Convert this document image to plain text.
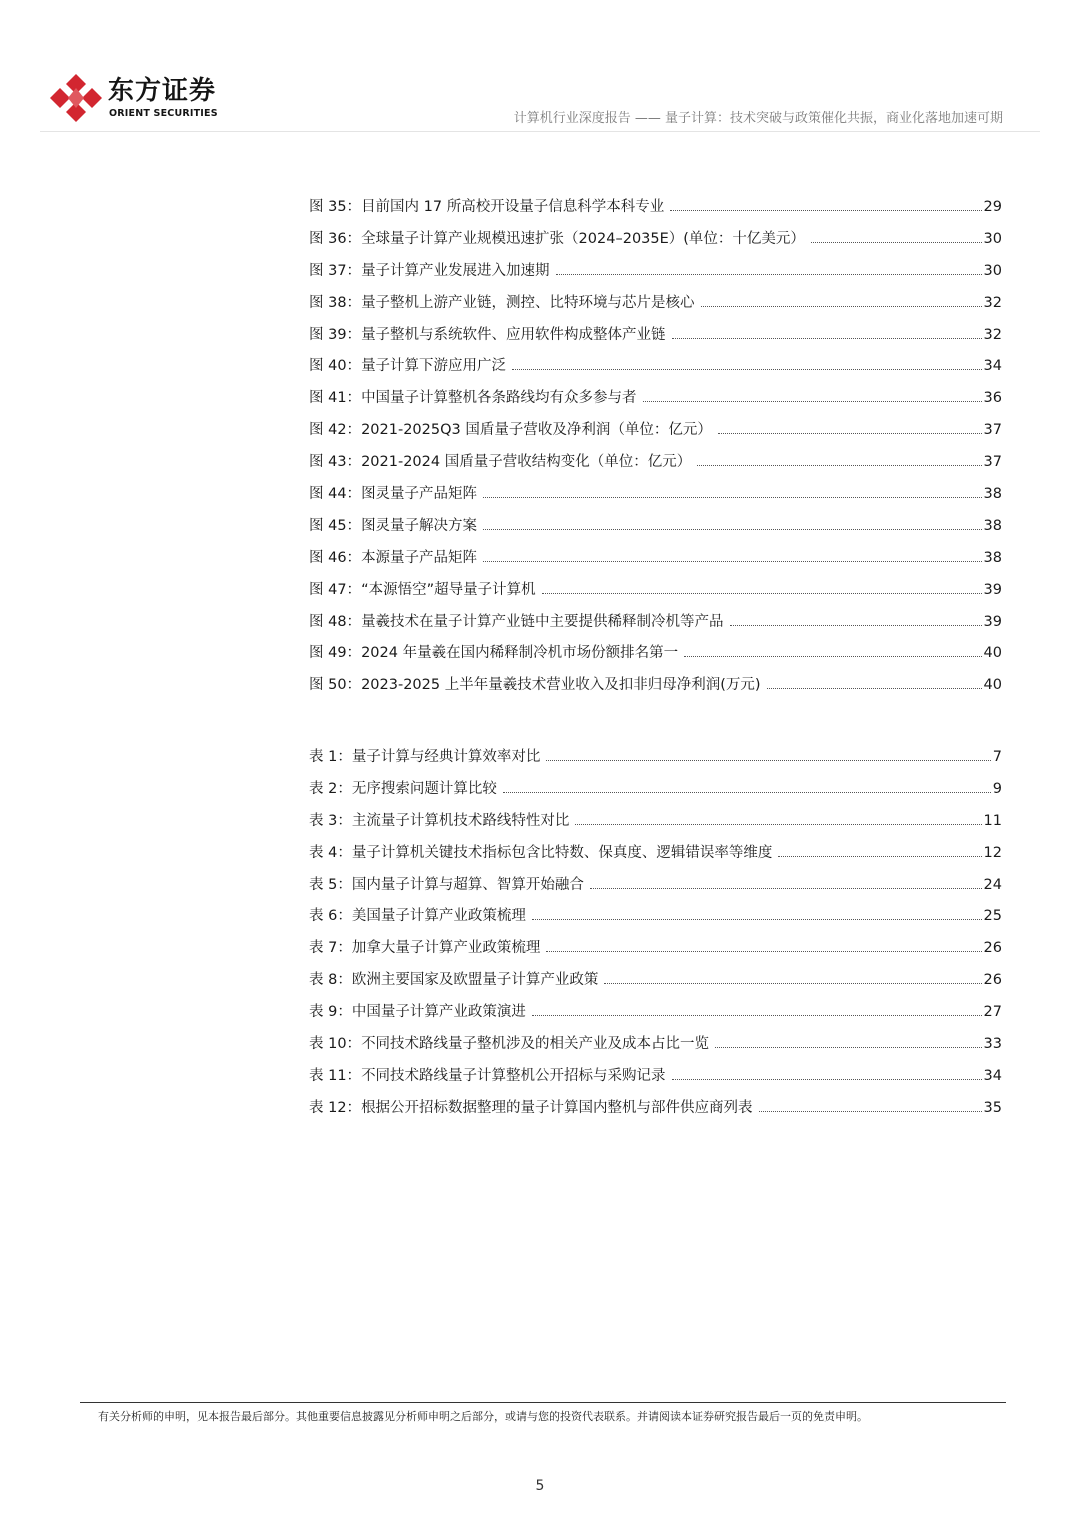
东方证券
ORIENT SECURITIES	计算机行业深度报告 —— 量子计算：技术突破与政策催化共振，商业化落地加速可期
图 35： 目前国内 17 所高校开设量子信息科学本科专业	29
图 36： 全球量子计算产业规模迅速扩张（2024–2035E）(单位：十亿美元）	30
图 37： 量子计算产业发展进入加速期	30
图 38： 量子整机上游产业链，测控、比特环境与芯片是核心	32
图 39： 量子整机与系统软件、应用软件构成整体产业链	32
图 40： 量子计算下游应用广泛	34
图 41： 中国量子计算整机各条路线均有众多参与者	36
图 42： 2021-2025Q3 国盾量子营收及净利润（单位：亿元）	37
图 43： 2021-2024 国盾量子营收结构变化（单位：亿元）	37
图 44： 图灵量子产品矩阵	38
图 45： 图灵量子解决方案	38
图 46： 本源量子产品矩阵	38
图 47： “本源悟空”超导量子计算机	39
图 48： 量羲技术在量子计算产业链中主要提供稀释制冷机等产品	39
图 49： 2024 年量羲在国内稀释制冷机市场份额排名第一	40
图 50： 2023-2025 上半年量羲技术营业收入及扣非归母净利润(万元)	40
表 1： 量子计算与经典计算效率对比	7
表 2： 无序搜索问题计算比较	9
表 3： 主流量子计算机技术路线特性对比	11
表 4： 量子计算机关键技术指标包含比特数、保真度、逻辑错误率等维度	12
表 5： 国内量子计算与超算、智算开始融合	24
表 6： 美国量子计算产业政策梳理	25
表 7： 加拿大量子计算产业政策梳理	26
表 8： 欧洲主要国家及欧盟量子计算产业政策	26
表 9： 中国量子计算产业政策演进	27
表 10： 不同技术路线量子整机涉及的相关产业及成本占比一览	33
表 11： 不同技术路线量子计算整机公开招标与采购记录	34
表 12： 根据公开招标数据整理的量子计算国内整机与部件供应商列表	35
有关分析师的申明，见本报告最后部分。其他重要信息披露见分析师申明之后部分，或请与您的投资代表联系。并请阅读本证券研究报告最后一页的免责申明。
5
